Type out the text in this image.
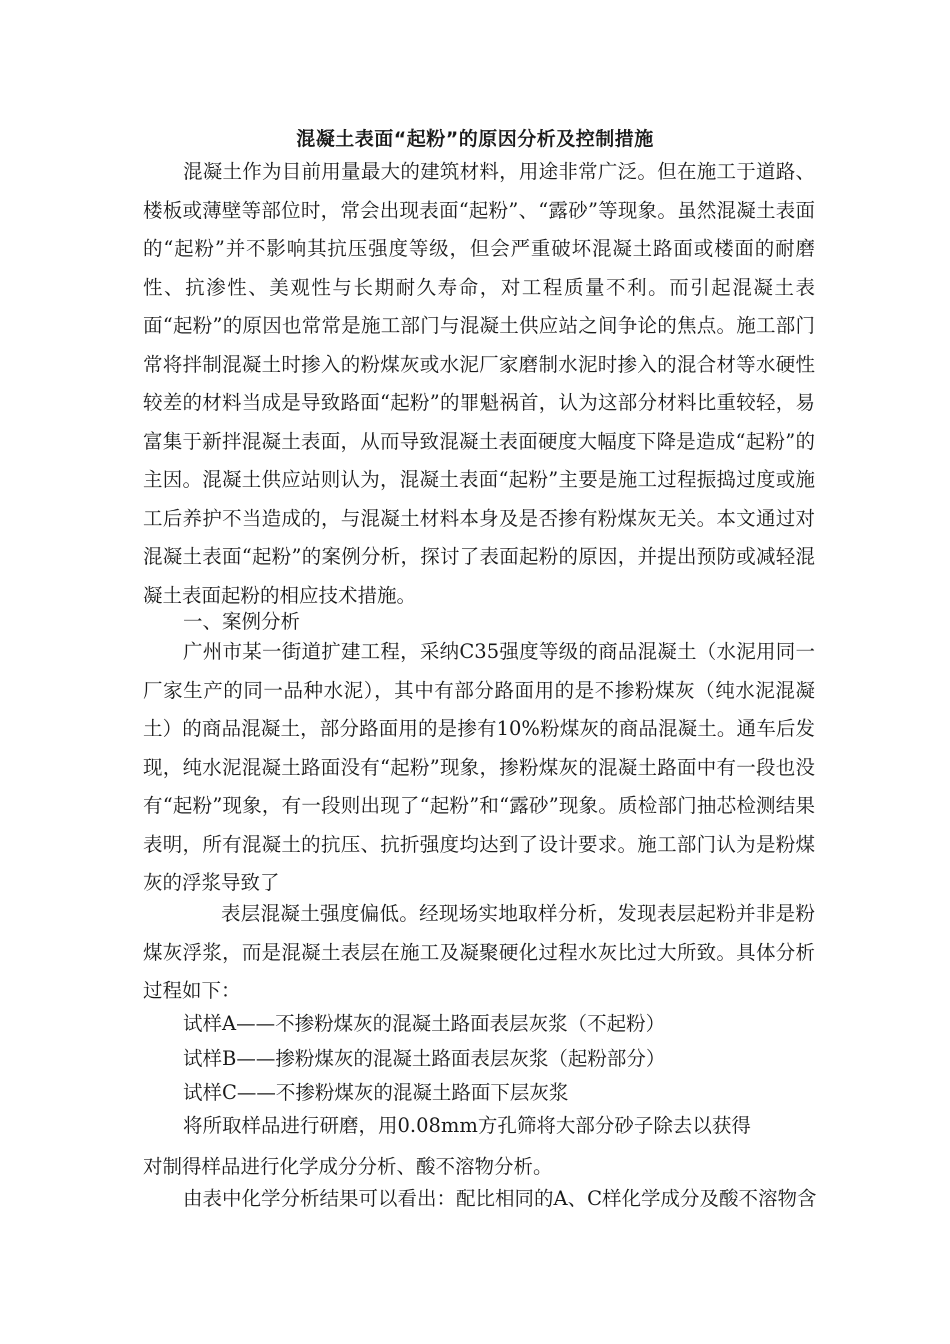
混凝土表面“起粉”的原因分析及控制措施
混凝土作为目前用量最大的建筑材料，用途非常广泛。但在施工于道路、楼板或薄壁等部位时，常会出现表面“起粉”、“露砂”等现象。虽然混凝土表面的“起粉”并不影响其抗压强度等级，但会严重破坏混凝土路面或楼面的耐磨性、抗渗性、美观性与长期耐久寿命，对工程质量不利。而引起混凝土表面“起粉”的原因也常常是施工部门与混凝土供应站之间争论的焦点。施工部门常将拌制混凝土时掺入的粉煤灰或水泥厂家磨制水泥时掺入的混合材等水硬性较差的材料当成是导致路面“起粉”的罪魁祸首，认为这部分材料比重较轻，易富集于新拌混凝土表面，从而导致混凝土表面硬度大幅度下降是造成“起粉”的主因。混凝土供应站则认为，混凝土表面“起粉”主要是施工过程振捣过度或施工后养护不当造成的，与混凝土材料本身及是否掺有粉煤灰无关。本文通过对混凝土表面“起粉”的案例分析，探讨了表面起粉的原因，并提出预防或减轻混凝土表面起粉的相应技术措施。
一、案例分析
广州市某一街道扩建工程，采纳C35强度等级的商品混凝土（水泥用同一厂家生产的同一品种水泥），其中有部分路面用的是不掺粉煤灰（纯水泥混凝土）的商品混凝土，部分路面用的是掺有10%粉煤灰的商品混凝土。通车后发现，纯水泥混凝土路面没有“起粉”现象，掺粉煤灰的混凝土路面中有一段也没有“起粉”现象，有一段则出现了“起粉”和“露砂”现象。质检部门抽芯检测结果表明，所有混凝土的抗压、抗折强度均达到了设计要求。施工部门认为是粉煤灰的浮浆导致了
表层混凝土强度偏低。经现场实地取样分析，发现表层起粉并非是粉煤灰浮浆，而是混凝土表层在施工及凝聚硬化过程水灰比过大所致。具体分析过程如下：
试样A——不掺粉煤灰的混凝土路面表层灰浆（不起粉）
试样B——掺粉煤灰的混凝土路面表层灰浆（起粉部分）
试样C——不掺粉煤灰的混凝土路面下层灰浆
将所取样品进行研磨，用0.08mm方孔筛将大部分砂子除去以获得
对制得样品进行化学成分分析、酸不溶物分析。
由表中化学分析结果可以看出：配比相同的A、C样化学成分及酸不溶物含
